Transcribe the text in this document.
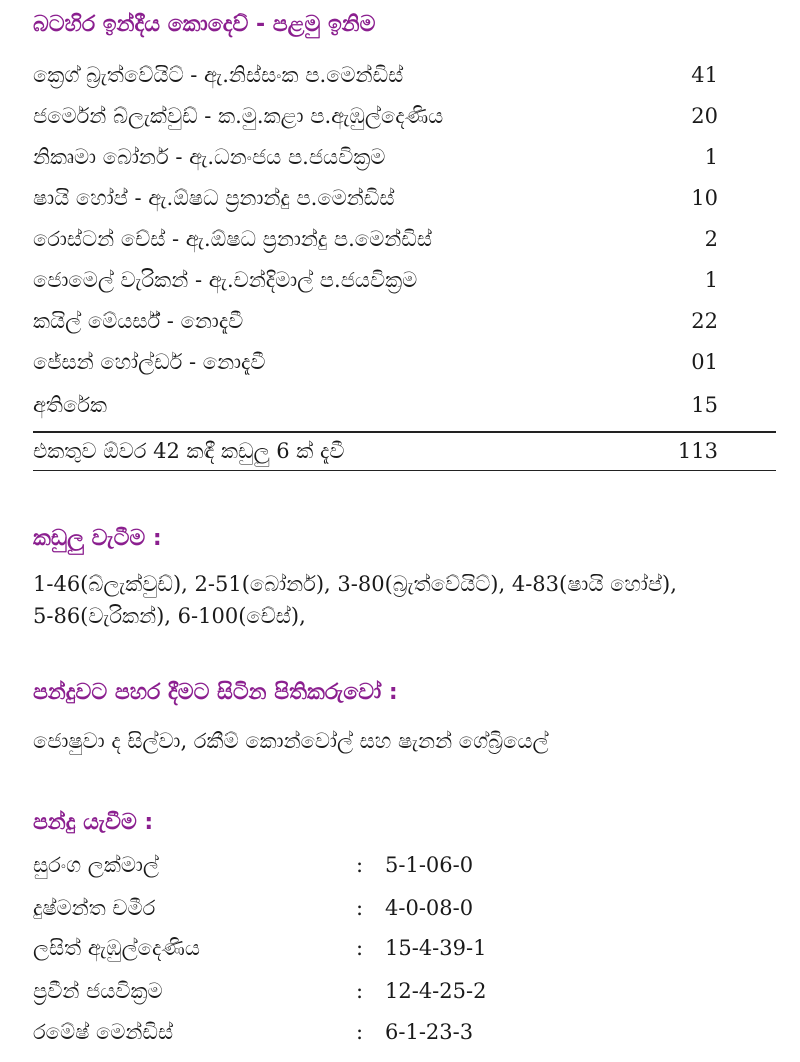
බටහිර ඉන්දීය කොදෙව් - පළමු ඉනිම
ක්‍රෙග් බ්‍රැත්වේයිට් - ඇ.නිස්සංක ප.මෙන්ඩිස්	41
ජර්මෙන් බ්ලැක්වුඩ් - ක.මු.කළා ප.ඇඹුල්දෙණිය	20
නිකෘමා බෝනර් - ඇ.ධනංජය ප.ජයවික්‍රම	1
ෂායි හෝප් - ඇ.ඕෂධ ප්‍රනාන්දු ප.මෙන්ඩිස්	10
රොස්ටන් චේස් - ඇ.ඕෂධ ප්‍රනාන්දු ප.මෙන්ඩිස්	2
ජොමෙල් වැරිකන් - ඇ.චන්දිමාල් ප.ජයවික්‍රම	1
කයිල් මේයර්ස් - නොදැවී	22
ජේසන් හෝල්ඩර් - නොදැවී	01
අතිරේක	15
එකතුව ඕවර 42 කඳී කඩුලු 6 ක් දැවී	113
කඩුලු වැටීම :

1-46(බ්ලැක්වුඩ්), 2-51(බෝනර්), 3-80(බ්‍රැත්වේයිට්), 4-83(ෂායි හෝප්),

5-86(වැරිකන්), 6-100(චේස්),

පන්දුවට පහර දීමට සිටින පිතිකරුවෝ :

ජොෂුවා ද සිල්වා, රකීම් කොන්වෝල් සහ ෂැනන් ගේබ්‍රියෙල්

පන්දු යැවීම :
සුරංග ලක්මාල්	: 5-1-06-0
දුෂ්මන්ත චමීර	: 4-0-08-0
ලසිත් ඇඹුල්දෙණිය	: 15-4-39-1
ප්‍රවීන් ජයවික්‍රම	: 12-4-25-2
රමේෂ් මෙන්ඩිස්	: 6-1-23-3
